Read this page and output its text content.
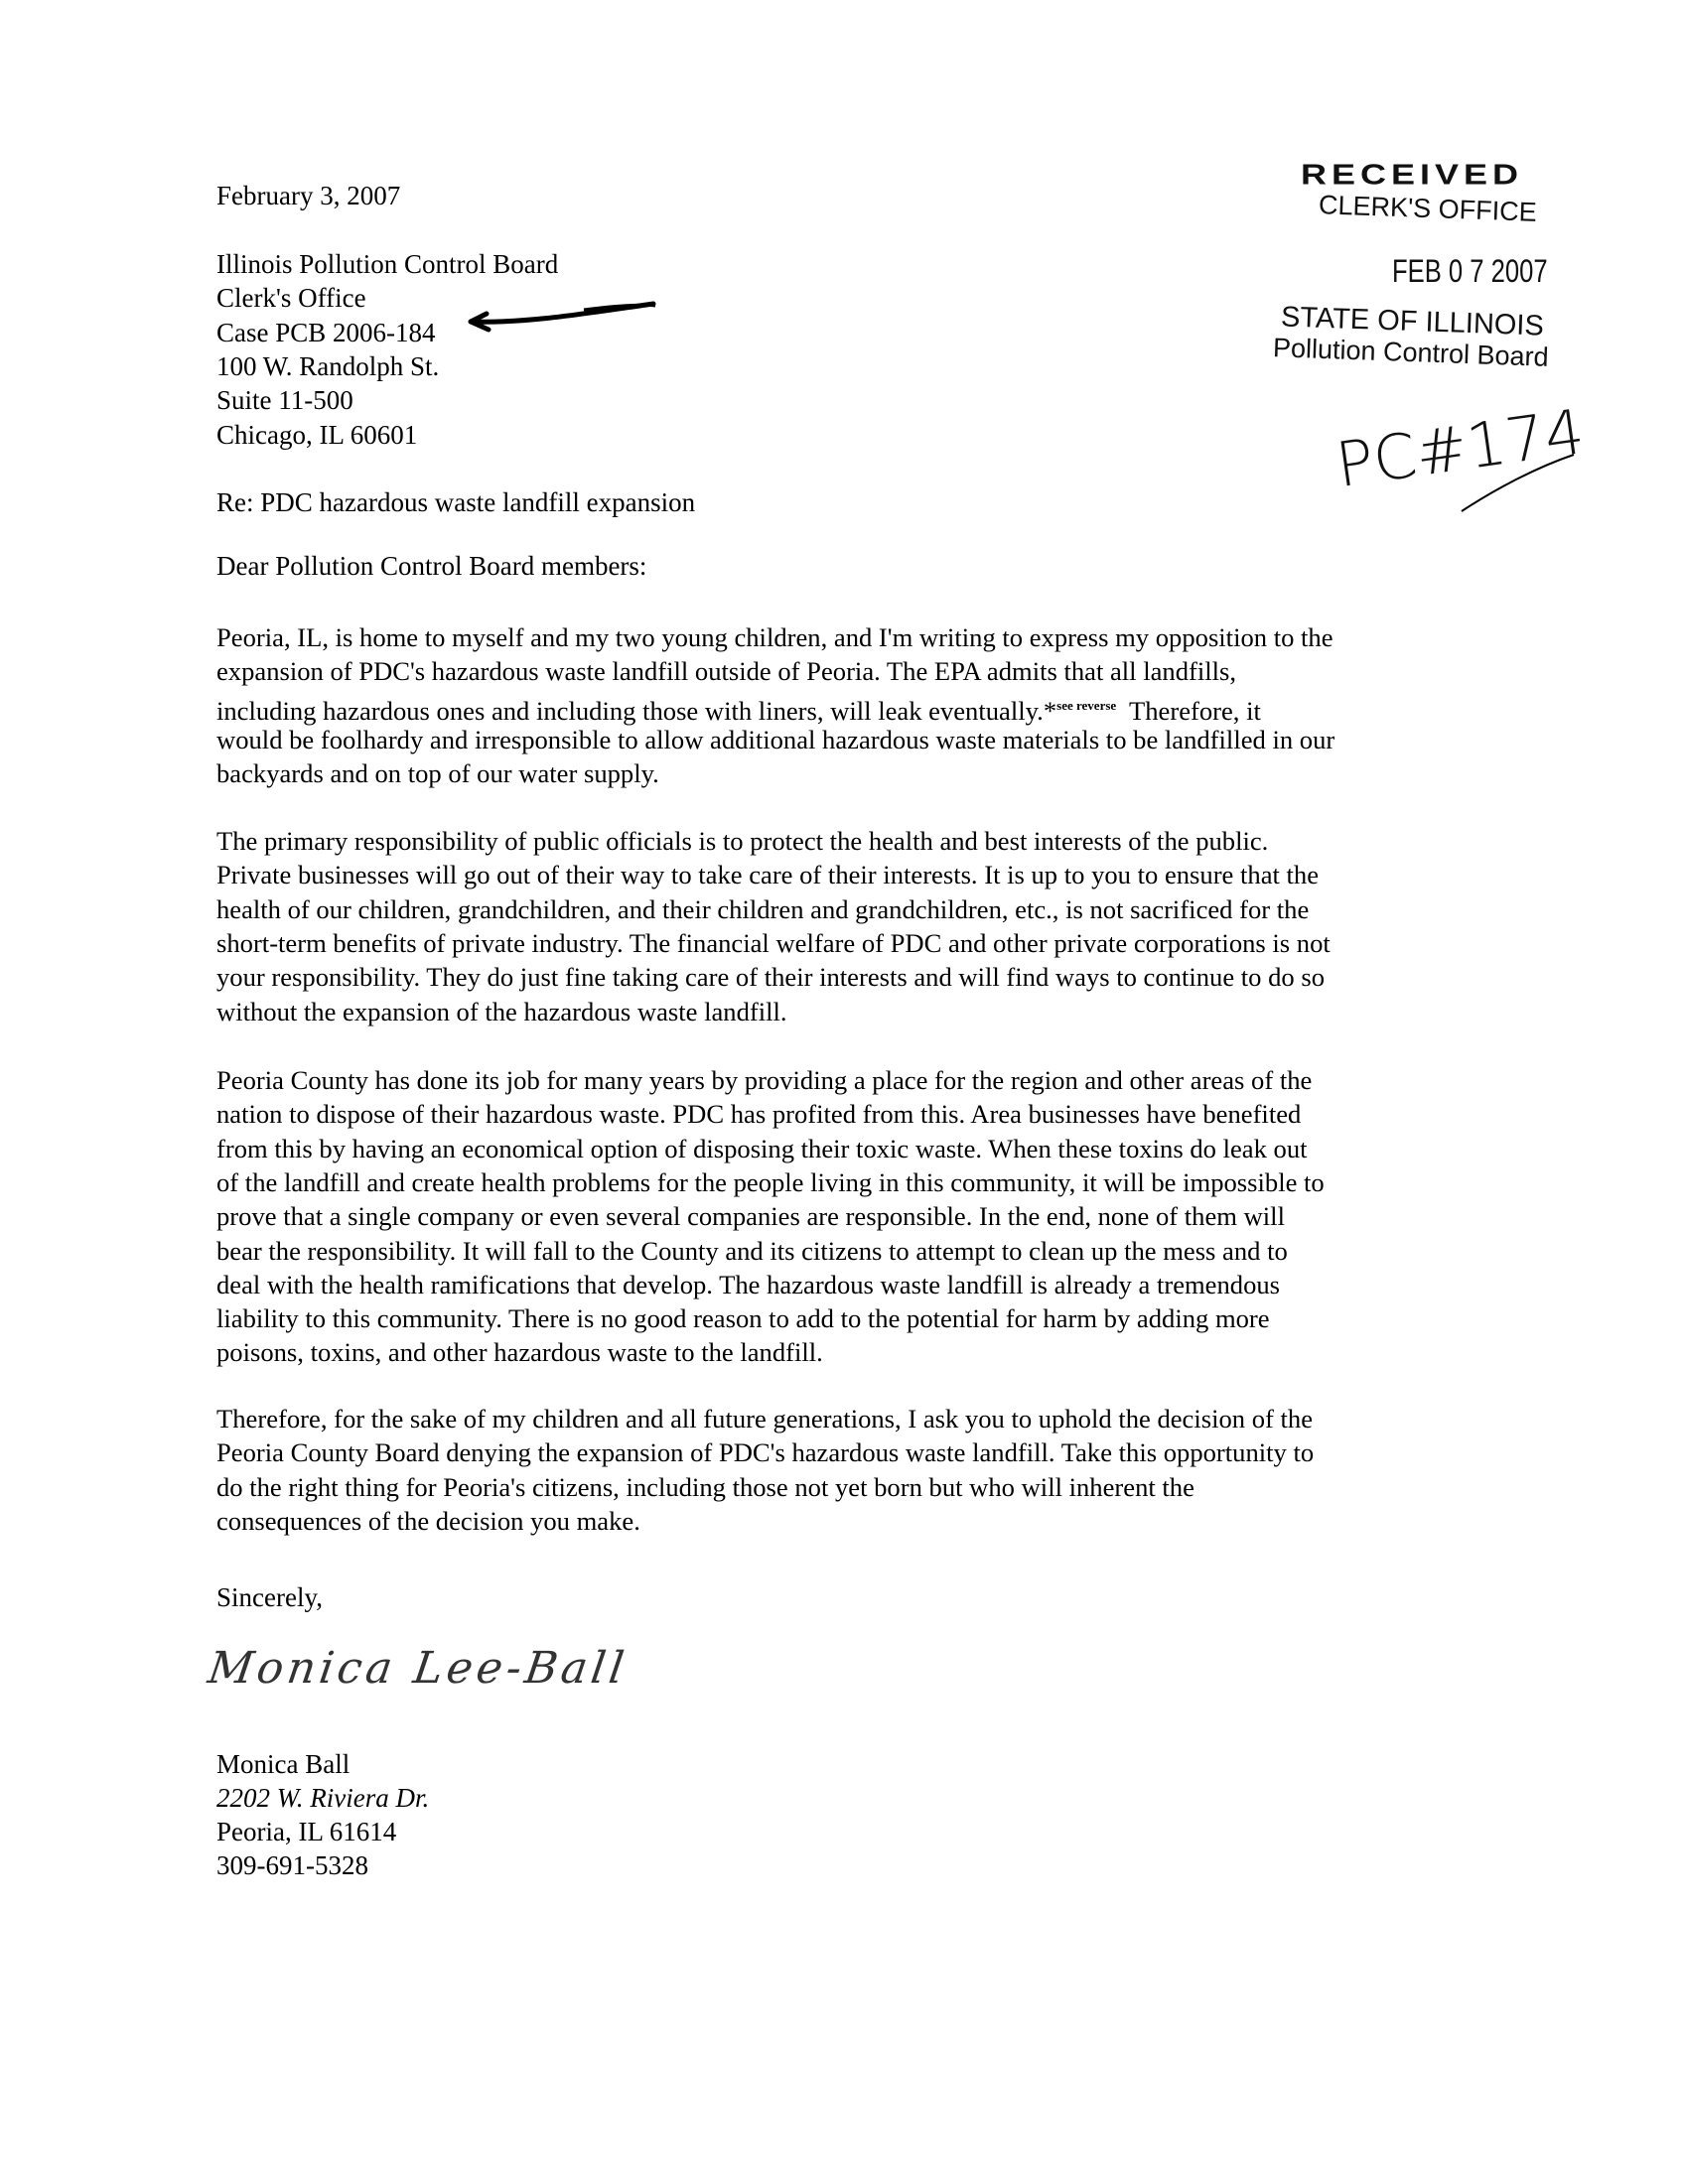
February 3, 2007
Illinois Pollution Control Board
Clerk's Office
Case PCB 2006-184
100 W. Randolph St.
Suite 11-500
Chicago, IL 60601
Re: PDC hazardous waste landfill expansion
Dear Pollution Control Board members:
Peoria, IL, is home to myself and my two young children, and I'm writing to express my opposition to the
expansion of PDC's hazardous waste landfill outside of Peoria. The EPA admits that all landfills,
including hazardous ones and including those with liners, will leak eventually.*$^{see reverse}$  Therefore, it
would be foolhardy and irresponsible to allow additional hazardous waste materials to be landfilled in our
backyards and on top of our water supply.
The primary responsibility of public officials is to protect the health and best interests of the public.
Private businesses will go out of their way to take care of their interests. It is up to you to ensure that the
health of our children, grandchildren, and their children and grandchildren, etc., is not sacrificed for the
short-term benefits of private industry. The financial welfare of PDC and other private corporations is not
your responsibility. They do just fine taking care of their interests and will find ways to continue to do so
without the expansion of the hazardous waste landfill.
Peoria County has done its job for many years by providing a place for the region and other areas of the
nation to dispose of their hazardous waste. PDC has profited from this. Area businesses have benefited
from this by having an economical option of disposing their toxic waste. When these toxins do leak out
of the landfill and create health problems for the people living in this community, it will be impossible to
prove that a single company or even several companies are responsible. In the end, none of them will
bear the responsibility. It will fall to the County and its citizens to attempt to clean up the mess and to
deal with the health ramifications that develop. The hazardous waste landfill is already a tremendous
liability to this community. There is no good reason to add to the potential for harm by adding more
poisons, toxins, and other hazardous waste to the landfill.
Therefore, for the sake of my children and all future generations, I ask you to uphold the decision of the
Peoria County Board denying the expansion of PDC's hazardous waste landfill. Take this opportunity to
do the right thing for Peoria's citizens, including those not yet born but who will inherent the
consequences of the decision you make.
Sincerely,
Monica Lee-Ball
Monica Ball
2202 W. Riviera Dr.
Peoria, IL 61614
309-691-5328
RECEIVED
CLERK'S OFFICE
FEB 0 7 2007
STATE OF ILLINOIS
Pollution Control Board
PC#174
